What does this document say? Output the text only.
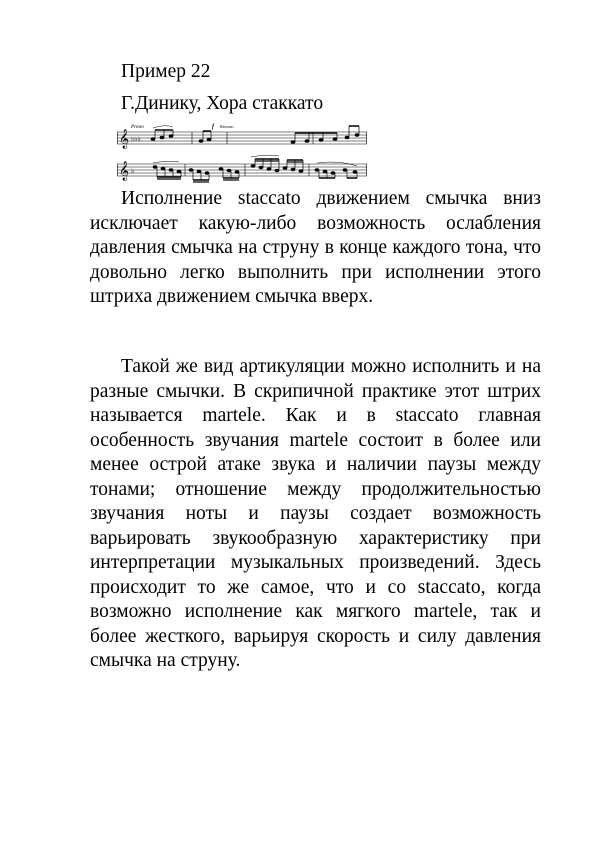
Пример 22
Г.Динику, Хора стаккато
Presto
𝄞 ♭♭♭
f Ritenuto
𝄞 ♭

Исполнение staccato движением смычка вниз исключает какую-либо возможность ослабления давления смычка на струну в конце каждого тона, что довольно легко выполнить при исполнении этого штриха движением смычка вверх.

Такой же вид артикуляции можно исполнить и на разные смычки. В скрипичной практике этот штрих называется martele. Как и в staccato главная особенность звучания martele состоит в более или менее острой атаке звука и наличии паузы между тонами; отношение между продолжительностью звучания ноты и паузы создает возможность варьировать звукообразную характеристику при интерпретации музыкальных произведений. Здесь происходит то же самое, что и со staccato, когда возможно исполнение как мягкого martele, так и более жесткого, варьируя скорость и силу давления смычка на струну.
